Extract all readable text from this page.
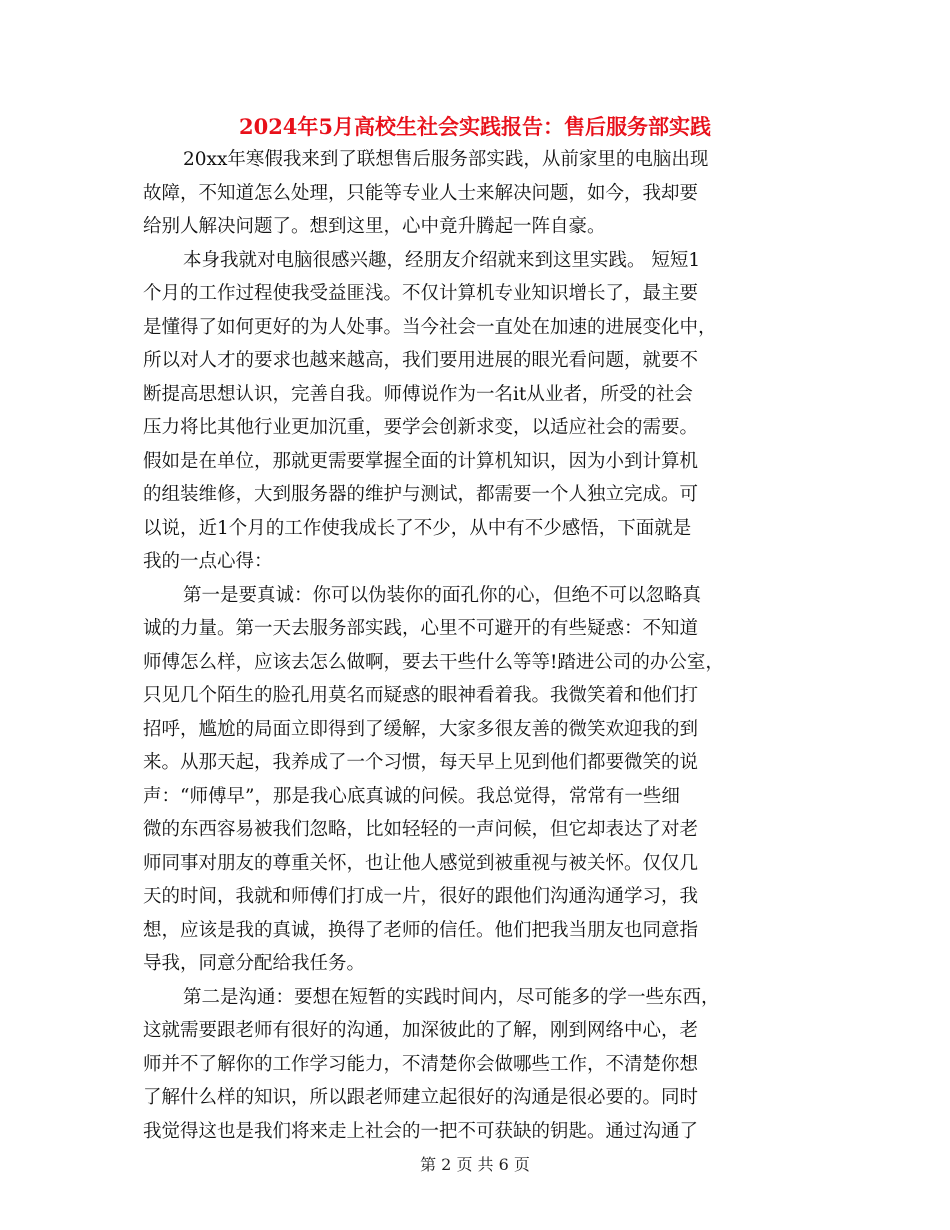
2024年5月高校生社会实践报告：售后服务部实践
20xx年寒假我来到了联想售后服务部实践，从前家里的电脑出现
故障，不知道怎么处理，只能等专业人士来解决问题，如今，我却要
给别人解决问题了。想到这里，心中竟升腾起一阵自豪。
本身我就对电脑很感兴趣，经朋友介绍就来到这里实践。 短短1
个月的工作过程使我受益匪浅。不仅计算机专业知识增长了，最主要
是懂得了如何更好的为人处事。当今社会一直处在加速的进展变化中，
所以对人才的要求也越来越高，我们要用进展的眼光看问题，就要不
断提高思想认识，完善自我。师傅说作为一名it从业者，所受的社会
压力将比其他行业更加沉重，要学会创新求变，以适应社会的需要。
假如是在单位，那就更需要掌握全面的计算机知识，因为小到计算机
的组装维修，大到服务器的维护与测试，都需要一个人独立完成。可
以说，近1个月的工作使我成长了不少，从中有不少感悟，下面就是
我的一点心得：
第一是要真诚：你可以伪装你的面孔你的心，但绝不可以忽略真
诚的力量。第一天去服务部实践，心里不可避开的有些疑惑：不知道
师傅怎么样，应该去怎么做啊，要去干些什么等等!踏进公司的办公室，
只见几个陌生的脸孔用莫名而疑惑的眼神看着我。我微笑着和他们打
招呼，尴尬的局面立即得到了缓解，大家多很友善的微笑欢迎我的到
来。从那天起，我养成了一个习惯，每天早上见到他们都要微笑的说
声：“师傅早”，那是我心底真诚的问候。我总觉得，常常有一些细
微的东西容易被我们忽略，比如轻轻的一声问候，但它却表达了对老
师同事对朋友的尊重关怀，也让他人感觉到被重视与被关怀。仅仅几
天的时间，我就和师傅们打成一片，很好的跟他们沟通沟通学习，我
想，应该是我的真诚，换得了老师的信任。他们把我当朋友也同意指
导我，同意分配给我任务。
第二是沟通：要想在短暂的实践时间内，尽可能多的学一些东西，
这就需要跟老师有很好的沟通，加深彼此的了解，刚到网络中心，老
师并不了解你的工作学习能力，不清楚你会做哪些工作，不清楚你想
了解什么样的知识，所以跟老师建立起很好的沟通是很必要的。同时
我觉得这也是我们将来走上社会的一把不可获缺的钥匙。通过沟通了
第 2 页 共 6 页
